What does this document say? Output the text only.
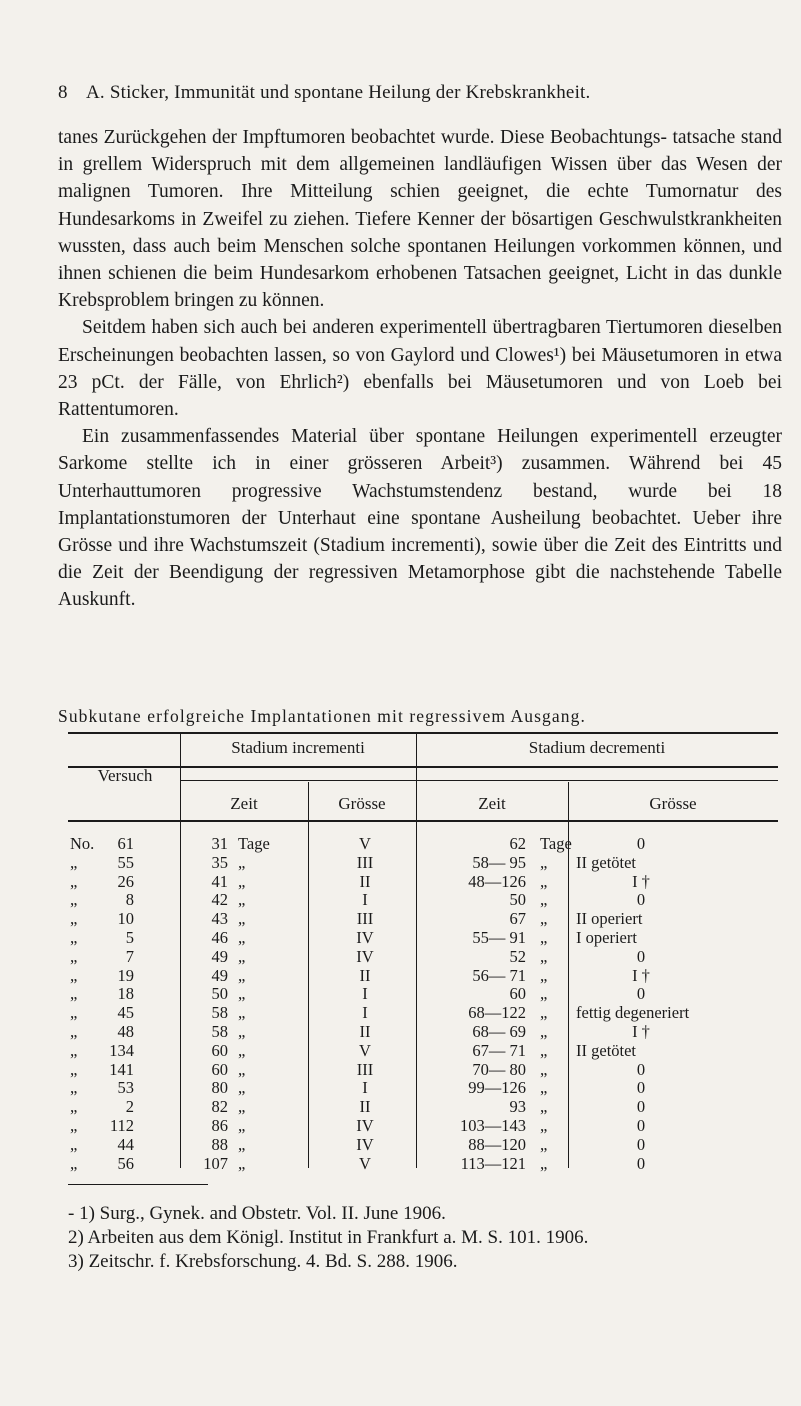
8 A. Sticker, Immunität und spontane Heilung der Krebskrankheit.

tanes Zurückgehen der Impftumoren beobachtet wurde. Diese Beobachtungs- tatsache stand in grellem Widerspruch mit dem allgemeinen landläufigen Wissen über das Wesen der malignen Tumoren. Ihre Mitteilung schien geeignet, die echte Tumornatur des Hundesarkoms in Zweifel zu ziehen. Tiefere Kenner der bösartigen Geschwulstkrankheiten wussten, dass auch beim Menschen solche spontanen Heilungen vorkommen können, und ihnen schienen die beim Hundesarkom erhobenen Tatsachen geeignet, Licht in das dunkle Krebsproblem bringen zu können.

Seitdem haben sich auch bei anderen experimentell übertragbaren Tiertumoren dieselben Erscheinungen beobachten lassen, so von Gaylord und Clowes¹) bei Mäusetumoren in etwa 23 pCt. der Fälle, von Ehrlich²) ebenfalls bei Mäusetumoren und von Loeb bei Rattentumoren.

Ein zusammenfassendes Material über spontane Heilungen experimentell erzeugter Sarkome stellte ich in einer grösseren Arbeit³) zusammen. Während bei 45 Unterhauttumoren progressive Wachstumstendenz bestand, wurde bei 18 Implantationstumoren der Unterhaut eine spontane Ausheilung beobachtet. Ueber ihre Grösse und ihre Wachstumszeit (Stadium incrementi), sowie über die Zeit des Eintritts und die Zeit der Beendigung der regressiven Metamorphose gibt die nachstehende Tabelle Auskunft.

Subkutane erfolgreiche Implantationen mit regressivem Ausgang.
Versuch
Stadium incrementi	Stadium decrementi
Zeit	Grösse	Zeit	Grösse
No. 61	31 Tage	V	62 Tage	0
„ 55	35 „	III	58— 95 „	II getötet
„ 26	41 „	II	48—126 „	I †
„	8	42 „	I	50 „	0
„ 10	43 „	III	67 „	II operiert
„	5	46 „	IV	55— 91 „	I operiert
„	7	49 „	IV	52 „	0
„ 19	49 „	II	56— 71 „	I †
„ 18	50 „	I	60 „	0
„ 45	58 „	I	68—122 „	fettig degeneriert
„ 48	58 „	II	68— 69 „	I †
„ 134	60 „	V	67— 71 „	II getötet
„ 141	60 „	III	70— 80 „	0
„ 53	80 „	I	99—126 „	0
„	2	82 „	II	93 „	0
„ 112	86 „	IV	103—143 „	0
„ 44	88 „	IV	88—120 „	0
„ 56	107 „	V	113—121 „	0
- 1) Surg., Gynek. and Obstetr. Vol. II. June 1906.
2) Arbeiten aus dem Königl. Institut in Frankfurt a. M. S. 101. 1906.
3) Zeitschr. f. Krebsforschung. 4. Bd. S. 288. 1906.
